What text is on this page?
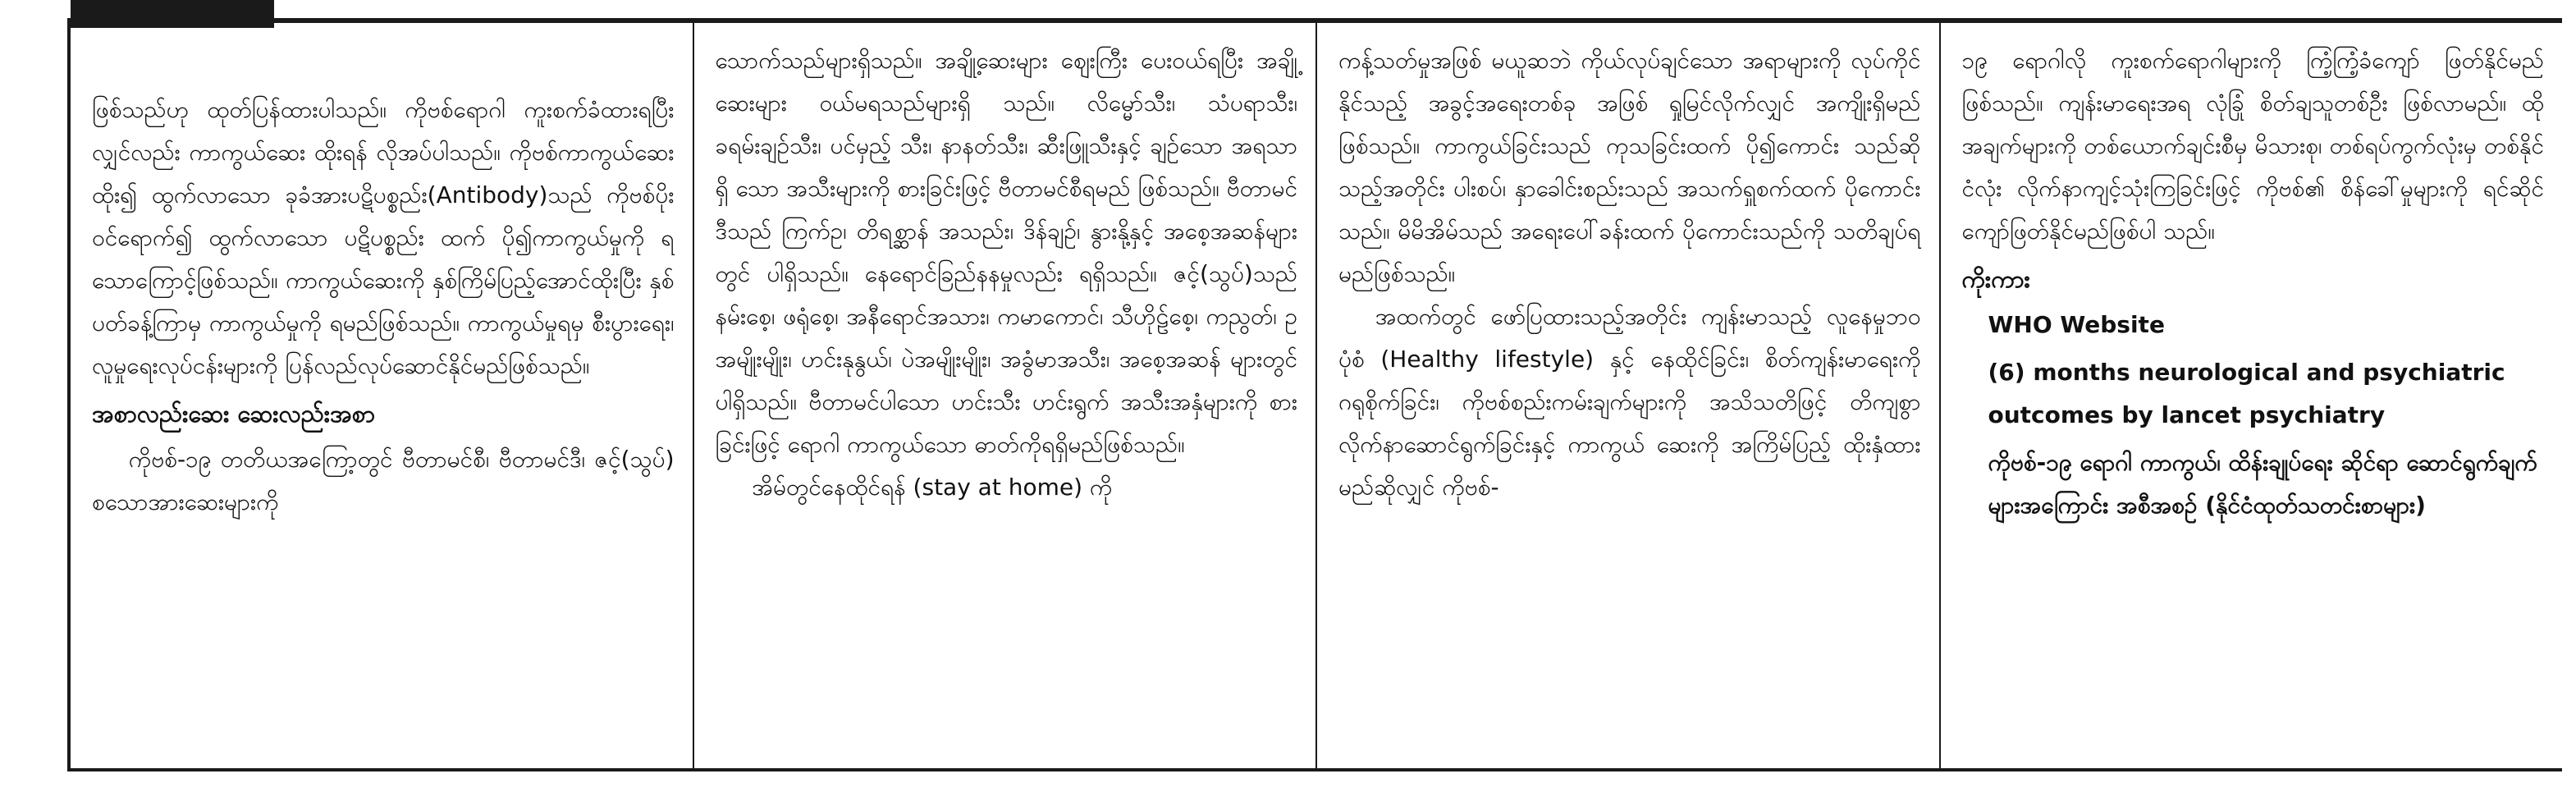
ဖြစ်သည်ဟု ထုတ်ပြန်ထားပါသည်။ ကိုဗစ်ရောဂါ ကူးစက်ခံထားရပြီးလျှင်လည်း ကာကွယ်ဆေး ထိုးရန် လိုအပ်ပါသည်။ ကိုဗစ်ကာကွယ်ဆေးထိုး၍ ထွက်လာသော ခုခံအားပဋိပစ္စည်း(Antibody)သည် ကိုဗစ်ပိုးဝင်ရောက်၍ ထွက်လာသော ပဋိပစ္စည်း ထက် ပို၍ကာကွယ်မှုကို ရသောကြောင့်ဖြစ်သည်။ ကာကွယ်ဆေးကို နှစ်ကြိမ်ပြည့်အောင်ထိုးပြီး နှစ်ပတ်ခန့်ကြာမှ ကာကွယ်မှုကို ရမည်ဖြစ်သည်။ ကာကွယ်မှုရမှ စီးပွားရေး၊ လူမှုရေးလုပ်ငန်းများကို ပြန်လည်လုပ်ဆောင်နိုင်မည်ဖြစ်သည်။

အစာလည်းဆေး ဆေးလည်းအစာ

ကိုဗစ်-၁၉ တတိယအကြော့တွင် ဗီတာမင်စီ၊ ဗီတာမင်ဒီ၊ ဇင့်(သွပ်) စသောအားဆေးများကို

သောက်သည်များရှိသည်။ အချို့ဆေးများ ဈေးကြီး ပေးဝယ်ရပြီး အချို့ဆေးများ ဝယ်မရသည်များရှိ သည်။ လိမ္မော်သီး၊ သံပရာသီး၊ ခရမ်းချဉ်သီး၊ ပင်မှည့် သီး၊ နာနတ်သီး၊ ဆီးဖြူသီးနှင့် ချဉ်သော အရသာရှိ သော အသီးများကို စားခြင်းဖြင့် ဗီတာမင်စီရမည် ဖြစ်သည်။ ဗီတာမင်ဒီသည် ကြက်ဥ၊ တိရစ္ဆာန် အသည်း၊ ဒိန်ချဉ်၊ နွားနို့နှင့် အစေ့အဆန်များတွင် ပါရှိသည်။ နေရောင်ခြည်နနမှုလည်း ရရှိသည်။ ဇင့်(သွပ်)သည် နမ်းစေ့၊ ဖရုံစေ့၊ အနီရောင်အသား၊ ကမာကောင်၊ သီဟိုဠ်စေ့၊ ကညွတ်၊ ဥအမျိုးမျိုး၊ ဟင်းနုနွယ်၊ ပဲအမျိုးမျိုး၊ အခွံမာအသီး၊ အစေ့အဆန် များတွင် ပါရှိသည်။ ဗီတာမင်ပါသော ဟင်းသီး ဟင်းရွက် အသီးအနှံများကို စားခြင်းဖြင့် ရောဂါ ကာကွယ်သော ဓာတ်ကိုရရှိမည်ဖြစ်သည်။

အိမ်တွင်နေထိုင်ရန် (stay at home) ကို

ကန့်သတ်မှုအဖြစ် မယူဆဘဲ ကိုယ်လုပ်ချင်သော အရာများကို လုပ်ကိုင်နိုင်သည့် အခွင့်အရေးတစ်ခု အဖြစ် ရှုမြင်လိုက်လျှင် အကျိုးရှိမည်ဖြစ်သည်။ ကာကွယ်ခြင်းသည် ကုသခြင်းထက် ပို၍ကောင်း သည်ဆိုသည့်အတိုင်း ပါးစပ်၊ နှာခေါင်းစည်းသည် အသက်ရှူစက်ထက် ပိုကောင်းသည်။ မိမိအိမ်သည် အရေးပေါ်ခန်းထက် ပိုကောင်းသည်ကို သတိချပ်ရ မည်ဖြစ်သည်။

အထက်တွင် ဖော်ပြထားသည့်အတိုင်း ကျန်းမာသည့် လူနေမှုဘဝပုံစံ (Healthy lifestyle) နှင့် နေထိုင်ခြင်း၊ စိတ်ကျန်းမာရေးကို ဂရုစိုက်ခြင်း၊ ကိုဗစ်စည်းကမ်းချက်များကို အသိသတိဖြင့် တိကျစွာ လိုက်နာဆောင်ရွက်ခြင်းနှင့် ကာကွယ် ဆေးကို အကြိမ်ပြည့် ထိုးနှံထားမည်ဆိုလျှင် ကိုဗစ်-

၁၉ ရောဂါလို ကူးစက်ရောဂါများကို ကြံ့ကြံ့ခံကျော် ဖြတ်နိုင်မည်ဖြစ်သည်။ ကျန်းမာရေးအရ လုံခြုံ စိတ်ချသူတစ်ဦး ဖြစ်လာမည်။ ထိုအချက်များကို တစ်ယောက်ချင်းစီမှ မိသားစု၊ တစ်ရပ်ကွက်လုံးမှ တစ်နိုင်ငံလုံး လိုက်နာကျင့်သုံးကြခြင်းဖြင့် ကိုဗစ်၏ စိန်ခေါ်မှုများကို ရင်ဆိုင်ကျော်ဖြတ်နိုင်မည်ဖြစ်ပါ သည်။

ကိုးကား

WHO Website

(6) months neurological and psychiatric outcomes by lancet psychiatry

ကိုဗစ်-၁၉ ရောဂါ ကာကွယ်၊ ထိန်းချုပ်ရေး ဆိုင်ရာ ဆောင်ရွက်ချက်များအကြောင်း အစီအစဉ် (နိုင်ငံထုတ်သတင်းစာများ)
